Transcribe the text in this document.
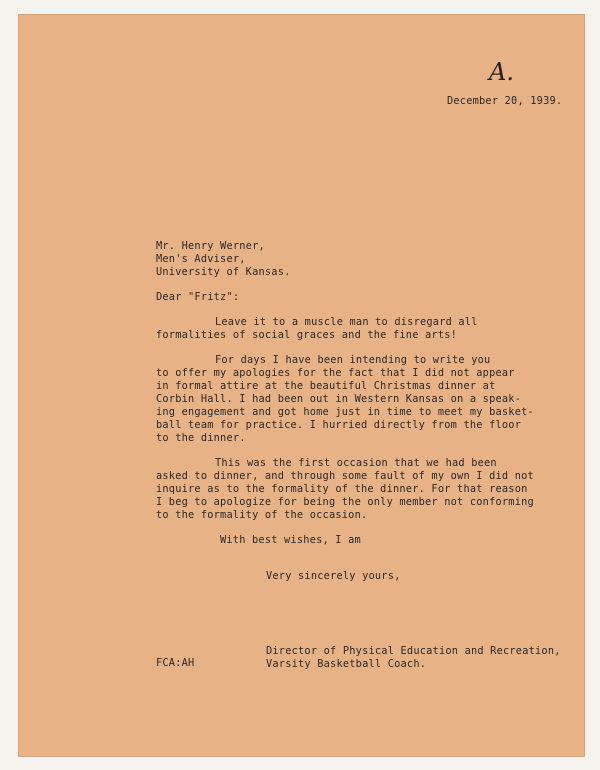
A.
December 20, 1939.
Mr. Henry Werner,
Men's Adviser,
University of Kansas.
Dear "Fritz":
Leave it to a muscle man to disregard all
formalities of social graces and the fine arts!
For days I have been intending to write you
to offer my apologies for the fact that I did not appear
in formal attire at the beautiful Christmas dinner at
Corbin Hall. I had been out in Western Kansas on a speak-
ing engagement and got home just in time to meet my basket-
ball team for practice. I hurried directly from the floor
to the dinner.
This was the first occasion that we had been
asked to dinner, and through some fault of my own I did not
inquire as to the formality of the dinner. For that reason
I beg to apologize for being the only member not conforming
to the formality of the occasion.
With best wishes, I am
Very sincerely yours,
FCA:AH
Director of Physical Education and Recreation,
Varsity Basketball Coach.
